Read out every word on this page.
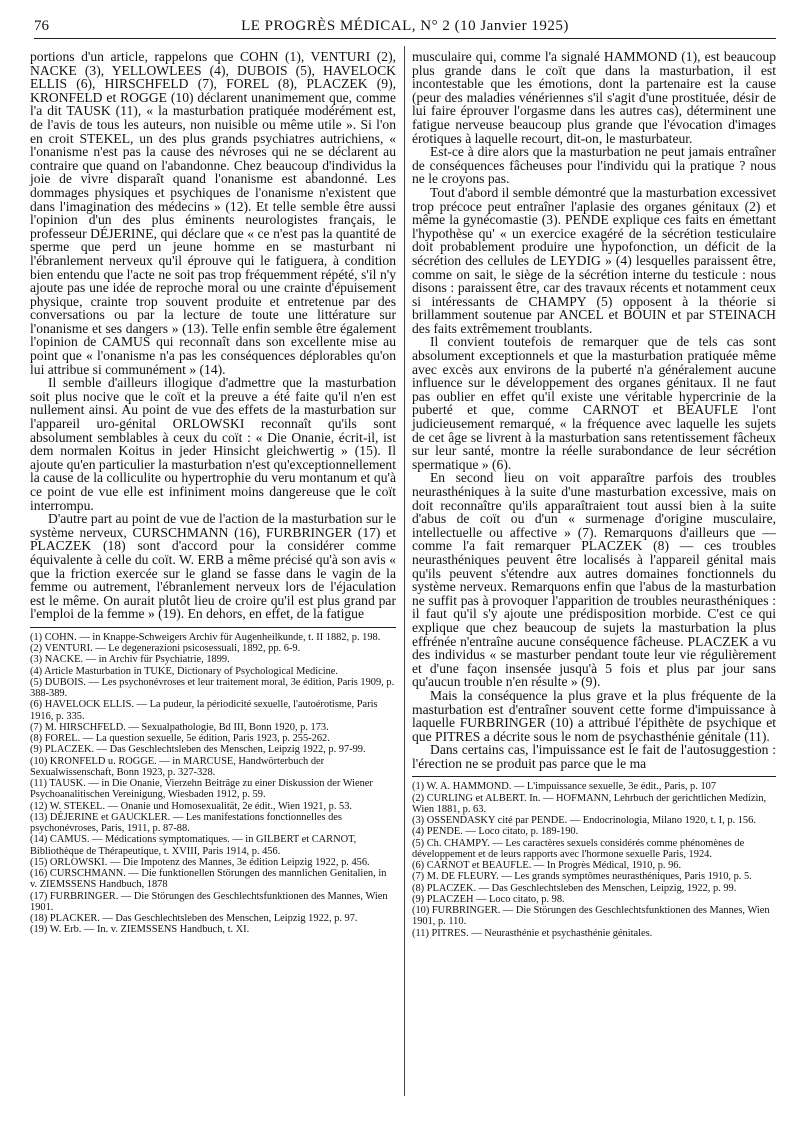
76	LE PROGRÈS MÉDICAL, N° 2 (10 Janvier 1925)

portions d'un article, rappelons que COHN (1), VENTURI (2), NACKE (3), YELLOWLEES (4), DUBOIS (5), HAVELOCK ELLIS (6), HIRSCHFELD (7), FOREL (8), PLACZEK (9), KRONFELD et ROGGE (10) déclarent unanimement que, comme l'a dit TAUSK (11), « la masturbation pratiquée modérément est, de l'avis de tous les auteurs, non nuisible ou même utile ». Si l'on en croit STEKEL, un des plus grands psychiatres autrichiens, « l'onanisme n'est pas la cause des névroses qui ne se déclarent au contraire que quand on l'abandonne. Chez beaucoup d'individus la joie de vivre disparaît quand l'onanisme est abandonné. Les dommages physiques et psychiques de l'onanisme n'existent que dans l'imagination des médecins » (12). Et telle semble être aussi l'opinion d'un des plus éminents neurologistes français, le professeur DÉJERINE, qui déclare que « ce n'est pas la quantité de sperme que perd un jeune homme en se masturbant ni l'ébranlement nerveux qu'il éprouve qui le fatiguera, à condition bien entendu que l'acte ne soit pas trop fréquemment répété, s'il n'y ajoute pas une idée de reproche moral ou une crainte d'épuisement physique, crainte trop souvent produite et entretenue par des conversations ou par la lecture de toute une littérature sur l'onanisme et ses dangers » (13). Telle enfin semble être également l'opinion de CAMUS qui reconnaît dans son excellente mise au point que « l'onanisme n'a pas les conséquences déplorables qu'on lui attribue si communément » (14).

Il semble d'ailleurs illogique d'admettre que la masturbation soit plus nocive que le coït et la preuve a été faite qu'il n'en est nullement ainsi. Au point de vue des effets de la masturbation sur l'appareil uro-génital ORLOWSKI reconnaît qu'ils sont absolument semblables à ceux du coït : « Die Onanie, écrit-il, ist dem normalen Koitus in jeder Hinsicht gleichwertig » (15). Il ajoute qu'en particulier la masturbation n'est qu'exceptionnellement la cause de la colliculite ou hypertrophie du veru montanum et qu'à ce point de vue elle est infiniment moins dangereuse que le coït interrompu.

D'autre part au point de vue de l'action de la masturbation sur le système nerveux, CURSCHMANN (16), FURBRINGER (17) et PLACZEK (18) sont d'accord pour la considérer comme équivalente à celle du coït. W. ERB a même précisé qu'à son avis « que la friction exercée sur le gland se fasse dans le vagin de la femme ou autrement, l'ébranlement nerveux lors de l'éjaculation est le même. On aurait plutôt lieu de croire qu'il est plus grand par l'emploi de la femme » (19). En dehors, en effet, de la fatigue

(1) COHN. — in Knappe-Schweigers Archiv für Augenheilkunde, t. II 1882, p. 198.
(2) VENTURI. — Le degenerazioni psicosessuali, 1892, pp. 6-9.
(3) NACKE. — in Archiv für Psychiatrie, 1899.
(4) Article Masturbation in TUKE, Dictionary of Psychological Medicine.
(5) DUBOIS. — Les psychonévroses et leur traitement moral, 3e édition, Paris 1909, p. 388-389.
(6) HAVELOCK ELLIS. — La pudeur, la périodicité sexuelle, l'autoérotisme, Paris 1916, p. 335.
(7) M. HIRSCHFELD. — Sexualpathologie, Bd III, Bonn 1920, p. 173.
(8) FOREL. — La question sexuelle, 5e édition, Paris 1923, p. 255-262.
(9) PLACZEK. — Das Geschlechtsleben des Menschen, Leipzig 1922, p. 97-99.
(10) KRONFELD u. ROGGE. — in MARCUSE, Handwörterbuch der Sexualwissenschaft, Bonn 1923, p. 327-328.
(11) TAUSK. — in Die Onanie, Vierzehn Beiträge zu einer Diskussion der Wiener Psychoanalitischen Vereinigung, Wiesbaden 1912, p. 59.
(12) W. STEKEL. — Onanie und Homosexualität, 2e édit., Wien 1921, p. 53.
(13) DÉJERINE et GAUCKLER. — Les manifestations fonctionnelles des psychonévroses, Paris, 1911, p. 87-88.
(14) CAMUS. — Médications symptomatiques. — in GILBERT et CARNOT, Bibliothèque de Thérapeutique, t. XVIII, Paris 1914, p. 456.
(15) ORLOWSKI. — Die Impotenz des Mannes, 3e édition Leipzig 1922, p. 456.
(16) CURSCHMANN. — Die funktionellen Störungen des mannlichen Genitalien, in v. ZIEMSSENS Handbuch, 1878
(17) FURBRINGER. — Die Störungen des Geschlechtsfunktionen des Mannes, Wien 1901.
(18) PLACKER. — Das Geschlechtsleben des Menschen, Leipzig 1922, p. 97.
(19) W. Erb. — In. v. ZIEMSSENS Handbuch, t. XI.

musculaire qui, comme l'a signalé HAMMOND (1), est beaucoup plus grande dans le coït que dans la masturbation, il est incontestable que les émotions, dont la partenaire est la cause (peur des maladies vénériennes s'il s'agit d'une prostituée, désir de lui faire éprouver l'orgasme dans les autres cas), déterminent une fatigue nerveuse beaucoup plus grande que l'évocation d'images érotiques à laquelle recourt, dit-on, le masturbateur.

Est-ce à dire alors que la masturbation ne peut jamais entraîner de conséquences fâcheuses pour l'individu qui la pratique ? nous ne le croyons pas.

Tout d'abord il semble démontré que la masturbation excessivet trop précoce peut entraîner l'aplasie des organes génitaux (2) et même la gynécomastie (3). PENDE explique ces faits en émettant l'hypothèse qu' « un exercice exagéré de la sécrétion testiculaire doit probablement produire une hypofonction, un déficit de la sécrétion des cellules de LEYDIG » (4) lesquelles paraissent être, comme on sait, le siège de la sécrétion interne du testicule : nous disons : paraissent être, car des travaux récents et notamment ceux si intéressants de CHAMPY (5) opposent à la théorie si brillamment soutenue par ANCEL et BOUIN et par STEINACH des faits extrêmement troublants.

Il convient toutefois de remarquer que de tels cas sont absolument exceptionnels et que la masturbation pratiquée même avec excès aux environs de la puberté n'a généralement aucune influence sur le développement des organes génitaux. Il ne faut pas oublier en effet qu'il existe une véritable hypercrinie de la puberté et que, comme CARNOT et BEAUFLE l'ont judicieusement remarqué, « la fréquence avec laquelle les sujets de cet âge se livrent à la masturbation sans retentissement fâcheux sur leur santé, montre la réelle surabondance de leur sécrétion spermatique » (6).

En second lieu on voit apparaître parfois des troubles neurasthéniques à la suite d'une masturbation excessive, mais on doit reconnaître qu'ils apparaîtraient tout aussi bien à la suite d'abus de coït ou d'un « surmenage d'origine musculaire, intellectuelle ou affective » (7). Remarquons d'ailleurs que — comme l'a fait remarquer PLACZEK (8) — ces troubles neurasthéniques peuvent être localisés à l'appareil génital mais qu'ils peuvent s'étendre aux autres domaines fonctionnels du système nerveux. Remarquons enfin que l'abus de la masturbation ne suffit pas à provoquer l'apparition de troubles neurasthéniques : il faut qu'il s'y ajoute une prédisposition morbide. C'est ce qui explique que chez beaucoup de sujets la masturbation la plus effrénée n'entraîne aucune conséquence fâcheuse. PLACZEK a vu des individus « se masturber pendant toute leur vie régulièrement et d'une façon insensée jusqu'à 5 fois et plus par jour sans qu'aucun trouble n'en résulte » (9).

Mais la conséquence la plus grave et la plus fréquente de la masturbation est d'entraîner souvent cette forme d'impuissance à laquelle FURBRINGER (10) a attribué l'épithète de psychique et que PITRES a décrite sous le nom de psychasthénie génitale (11).

Dans certains cas, l'impuissance est le fait de l'autosuggestion : l'érection ne se produit pas parce que le ma

(1) W. A. HAMMOND. — L'impuissance sexuelle, 3e édit., Paris, p. 107
(2) CURLING et ALBERT. In. — HOFMANN, Lehrbuch der gerichtlichen Medizin, Wien 1881, p. 63.
(3) OSSENDASKY cité par PENDE. — Endocrinologia, Milano 1920, t. I, p. 156.
(4) PENDE. — Loco citato, p. 189-190.
(5) Ch. CHAMPY. — Les caractères sexuels considérés comme phénomènes de développement et de leurs rapports avec l'hormone sexuelle Paris, 1924.
(6) CARNOT et BEAUFLE. — In Progrès Médical, 1910, p. 96.
(7) M. DE FLEURY. — Les grands symptômes neurasthéniques, Paris 1910, p. 5.
(8) PLACZEK. — Das Geschlechtsleben des Menschen, Leipzig, 1922, p. 99.
(9) PLACZEH — Loco citato, p. 98.
(10) FURBRINGER. — Die Störungen des Geschlechtsfunktionen des Mannes, Wien 1901, p. 110.
(11) PITRES. — Neurasthénie et psychasthénie génitales.
